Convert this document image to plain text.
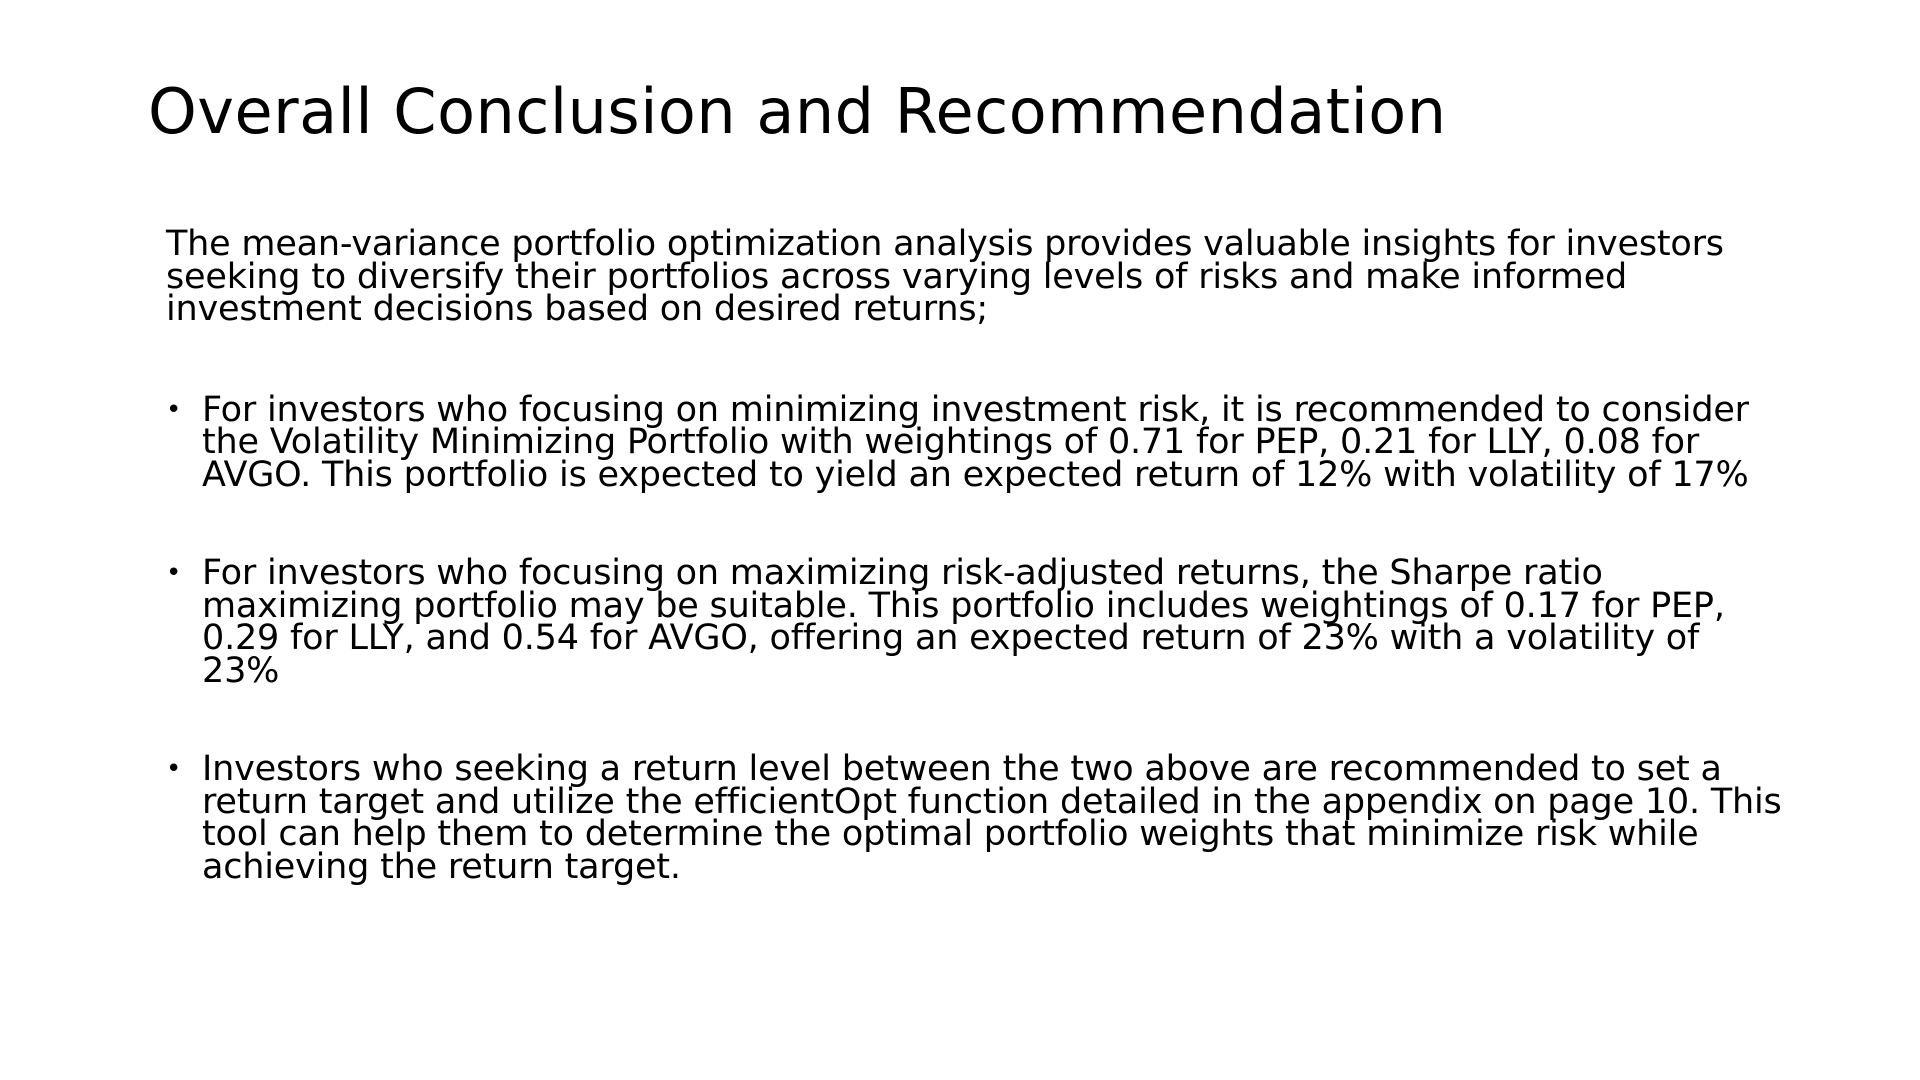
Overall Conclusion and Recommendation

The mean-variance portfolio optimization analysis provides valuable insights for investors seeking to diversify their portfolios across varying levels of risks and make informed investment decisions based on desired returns;

• For investors who focusing on minimizing investment risk, it is recommended to consider the Volatility Minimizing Portfolio with weightings of 0.71 for PEP, 0.21 for LLY, 0.08 for AVGO. This portfolio is expected to yield an expected return of 12% with volatility of 17%
• For investors who focusing on maximizing risk-adjusted returns, the Sharpe ratio maximizing portfolio may be suitable. This portfolio includes weightings of 0.17 for PEP, 0.29 for LLY, and 0.54 for AVGO, offering an expected return of 23% with a volatility of 23%
• Investors who seeking a return level between the two above are recommended to set a return target and utilize the efficientOpt function detailed in the appendix on page 10. This tool can help them to determine the optimal portfolio weights that minimize risk while achieving the return target.
